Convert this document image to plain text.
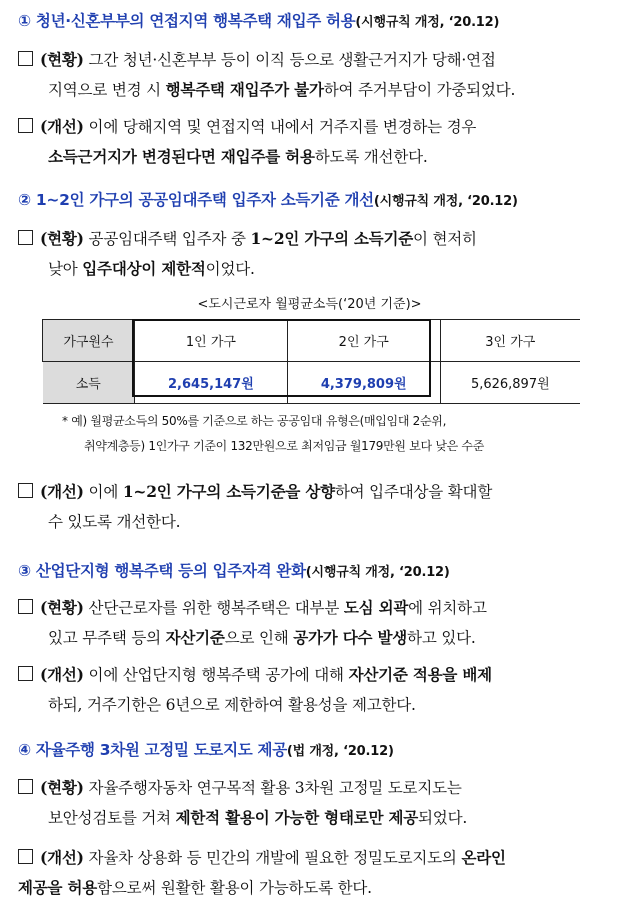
① 청년·신혼부부의 연접지역 행복주택 재입주 허용(시행규칙 개정, ‘20.12)
(현황) 그간 청년·신혼부부 등이 이직 등으로 생활근거지가 당해·연접
지역으로 변경 시 행복주택 재입주가 불가하여 주거부담이 가중되었다.
(개선) 이에 당해지역 및 연접지역 내에서 거주지를 변경하는 경우
소득근거지가 변경된다면 재입주를 허용하도록 개선한다.
② 1~2인 가구의 공공임대주택 입주자 소득기준 개선(시행규칙 개정, ‘20.12)
(현황) 공공임대주택 입주자 중 1~2인 가구의 소득기준이 현저히
낮아 입주대상이 제한적이었다.
<도시근로자 월평균소득(‘20년 기준)>
가구원수	1인 가구	2인 가구	3인 가구
소득	2,645,147원	4,379,809원	5,626,897원
* 예) 월평균소득의 50%를 기준으로 하는 공공임대 유형은(매입임대 2순위,
취약계층등) 1인가구 기준이 132만원으로 최저임금 월179만원 보다 낮은 수준
(개선) 이에 1~2인 가구의 소득기준을 상향하여 입주대상을 확대할
수 있도록 개선한다.
③ 산업단지형 행복주택 등의 입주자격 완화(시행규칙 개정, ‘20.12)
(현황) 산단근로자를 위한 행복주택은 대부분 도심 외곽에 위치하고
있고 무주택 등의 자산기준으로 인해 공가가 다수 발생하고 있다.
(개선) 이에 산업단지형 행복주택 공가에 대해 자산기준 적용을 배제
하되, 거주기한은 6년으로 제한하여 활용성을 제고한다.
④ 자율주행 3차원 고정밀 도로지도 제공(법 개정, ‘20.12)
(현황) 자율주행자동차 연구목적 활용 3차원 고정밀 도로지도는
보안성검토를 거쳐 제한적 활용이 가능한 형태로만 제공되었다.
(개선) 자율차 상용화 등 민간의 개발에 필요한 정밀도로지도의 온라인
제공을 허용함으로써 원활한 활용이 가능하도록 한다.
